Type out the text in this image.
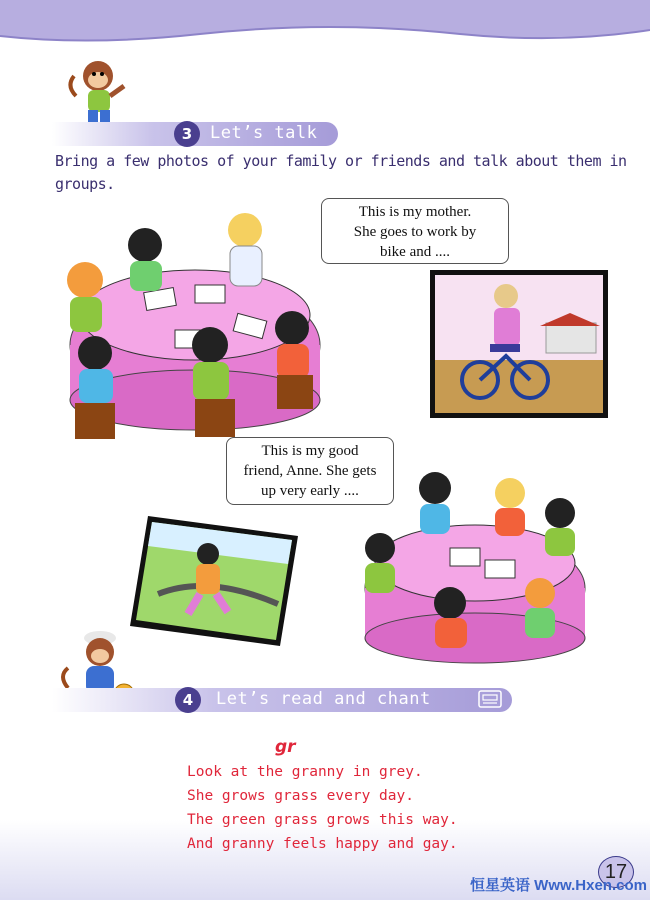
3	Let’s talk
Bring a few photos of your family or friends and talk about them in groups.
This is my mother.
She goes to work by
bike and ....
This is my good
friend, Anne. She gets
up very early ....
4	Let’s read and chant
gr
Look at the granny in grey.
She grows grass every day.
The green grass grows this way.
And granny feels happy and gay.
17
恒星英语 Www.Hxen.com
